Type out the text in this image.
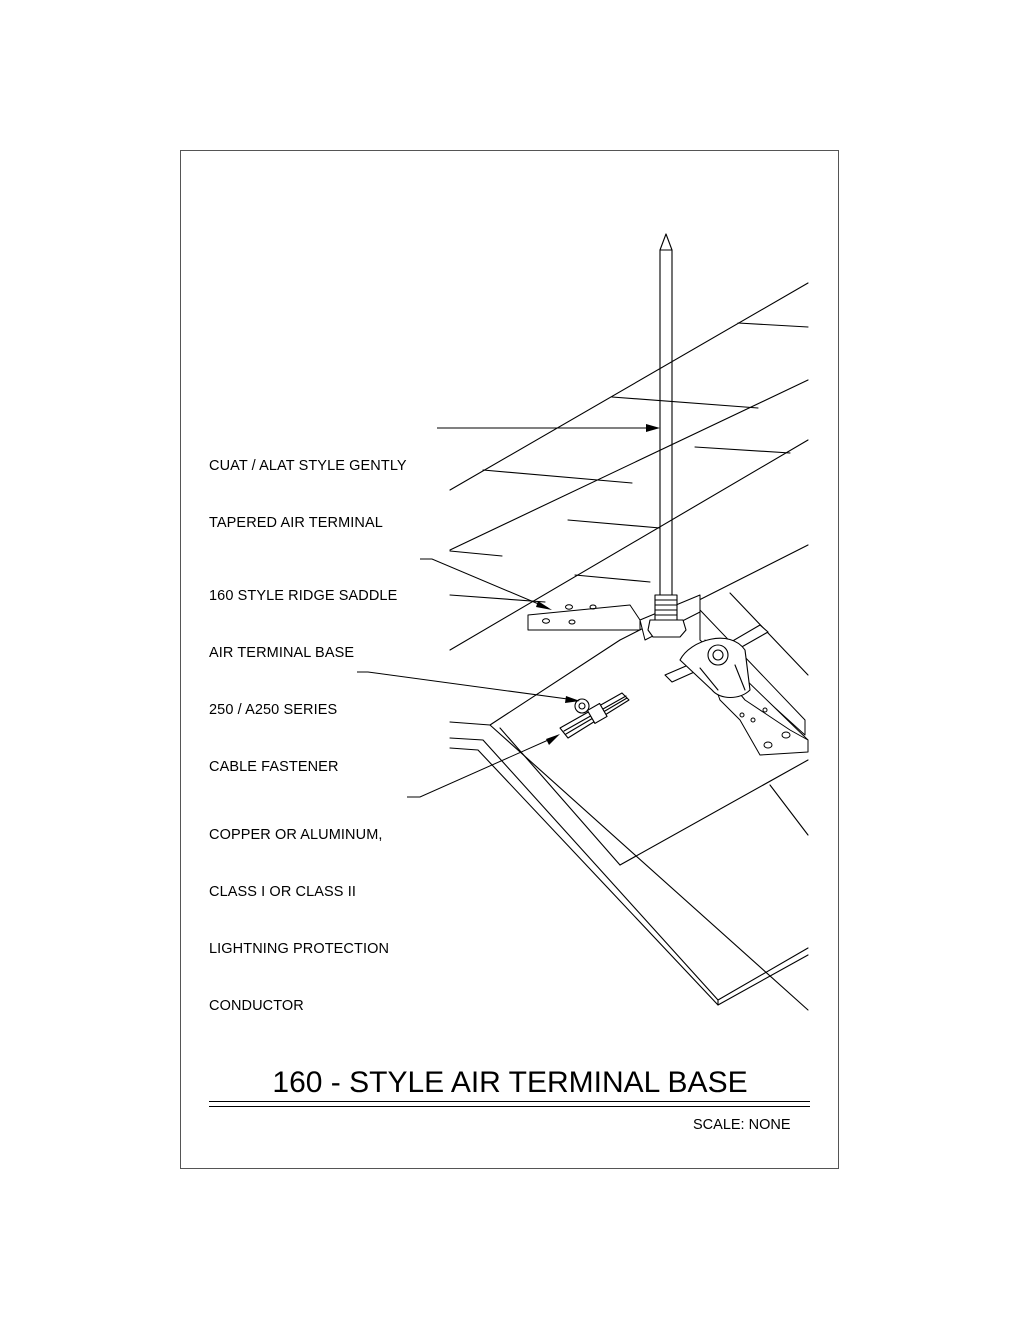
CUAT / ALAT STYLE GENTLY

TAPERED AIR TERMINAL

160 STYLE RIDGE SADDLE

AIR TERMINAL BASE

250 / A250 SERIES

CABLE FASTENER

COPPER OR ALUMINUM,

CLASS I OR CLASS II

LIGHTNING PROTECTION

CONDUCTOR

160 - STYLE AIR TERMINAL BASE
SCALE: NONE
